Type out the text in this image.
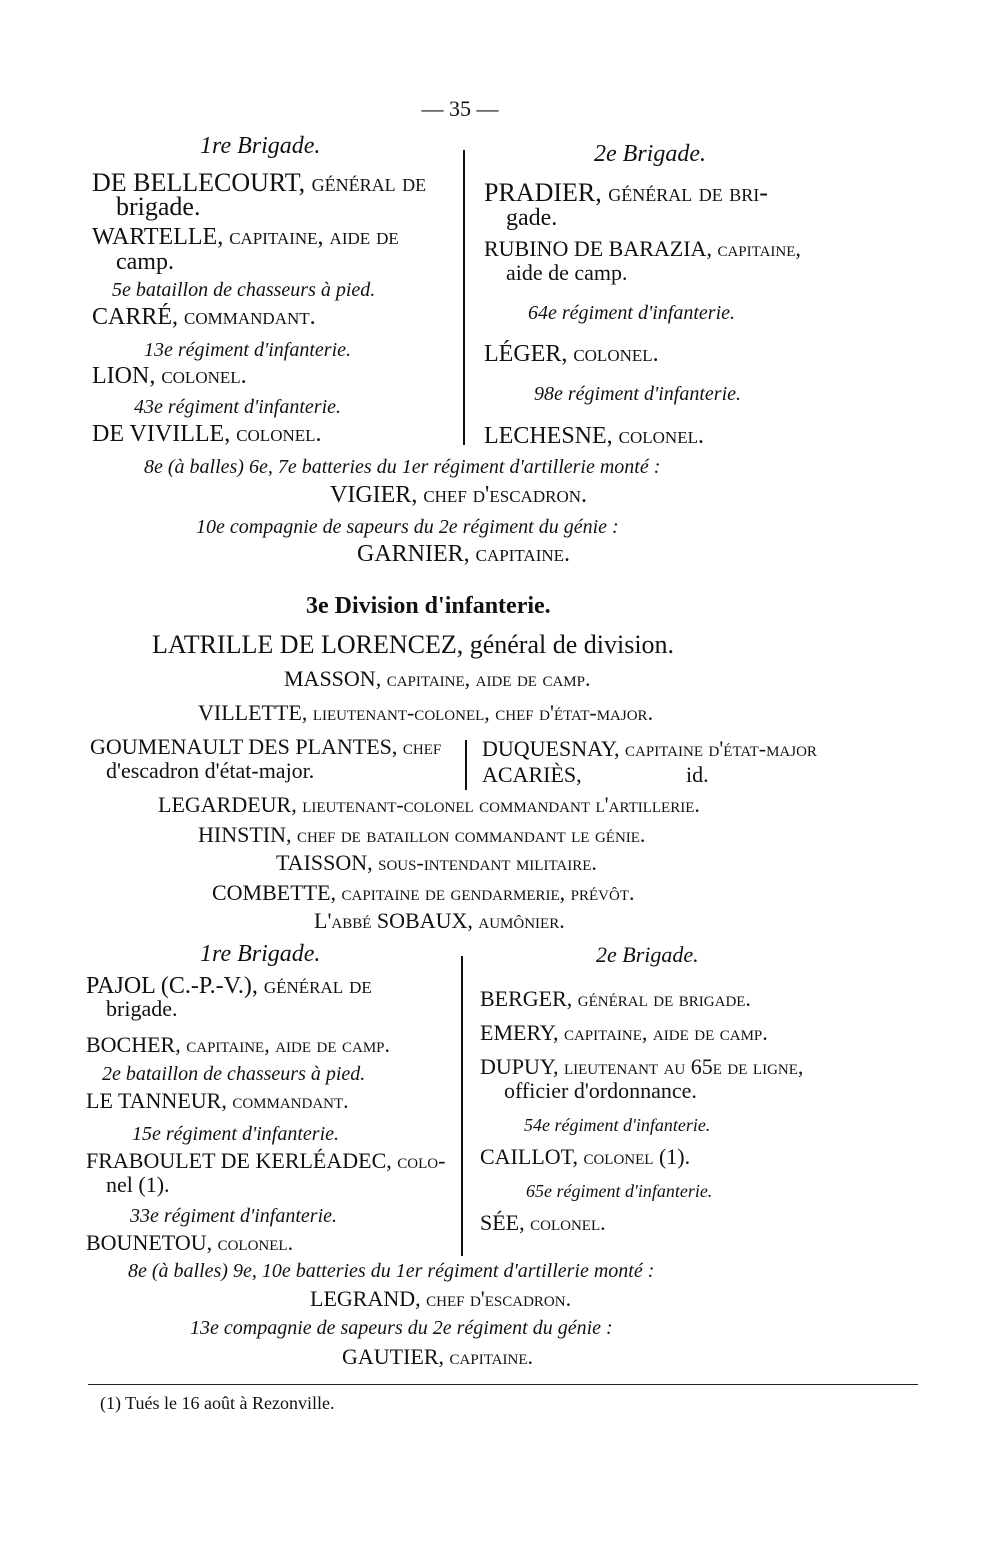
— 35 —
1re Brigade.
DE BELLECOURT, général de
brigade.
WARTELLE, capitaine, aide de
camp.
5e bataillon de chasseurs à pied.
CARRÉ, commandant.
13e régiment d'infanterie.
LION, colonel.
43e régiment d'infanterie.
DE VIVILLE, colonel.
2e Brigade.
PRADIER, général de bri-
gade.
RUBINO DE BARAZIA, capitaine,
aide de camp.
64e régiment d'infanterie.
LÉGER, colonel.
98e régiment d'infanterie.
LECHESNE, colonel.
8e (à balles) 6e, 7e batteries du 1er régiment d'artillerie monté :
VIGIER, chef d'escadron.
10e compagnie de sapeurs du 2e régiment du génie :
GARNIER, capitaine.
3e Division d'infanterie.
LATRILLE DE LORENCEZ, général de division.
MASSON, capitaine, aide de camp.
VILLETTE, lieutenant-colonel, chef d'état-major.
GOUMENAULT DES PLANTES, chef
d'escadron d'état-major.
DUQUESNAY, capitaine d'état-major
ACARIÈS,	id.
LEGARDEUR, lieutenant-colonel commandant l'artillerie.
HINSTIN, chef de bataillon commandant le génie.
TAISSON, sous-intendant militaire.
COMBETTE, capitaine de gendarmerie, prévôt.
L'abbé SOBAUX, aumônier.
1re Brigade.
PAJOL (C.-P.-V.), général de
brigade.
BOCHER, capitaine, aide de camp.
2e bataillon de chasseurs à pied.
LE TANNEUR, commandant.
15e régiment d'infanterie.
FRABOULET DE KERLÉADEC, colo-
nel (1).
33e régiment d'infanterie.
BOUNETOU, colonel.
2e Brigade.
BERGER, général de brigade.
EMERY, capitaine, aide de camp.
DUPUY, lieutenant au 65e de ligne,
officier d'ordonnance.
54e régiment d'infanterie.
CAILLOT, colonel (1).
65e régiment d'infanterie.
SÉE, colonel.
8e (à balles) 9e, 10e batteries du 1er régiment d'artillerie monté :
LEGRAND, chef d'escadron.
13e compagnie de sapeurs du 2e régiment du génie :
GAUTIER, capitaine.
(1) Tués le 16 août à Rezonville.
